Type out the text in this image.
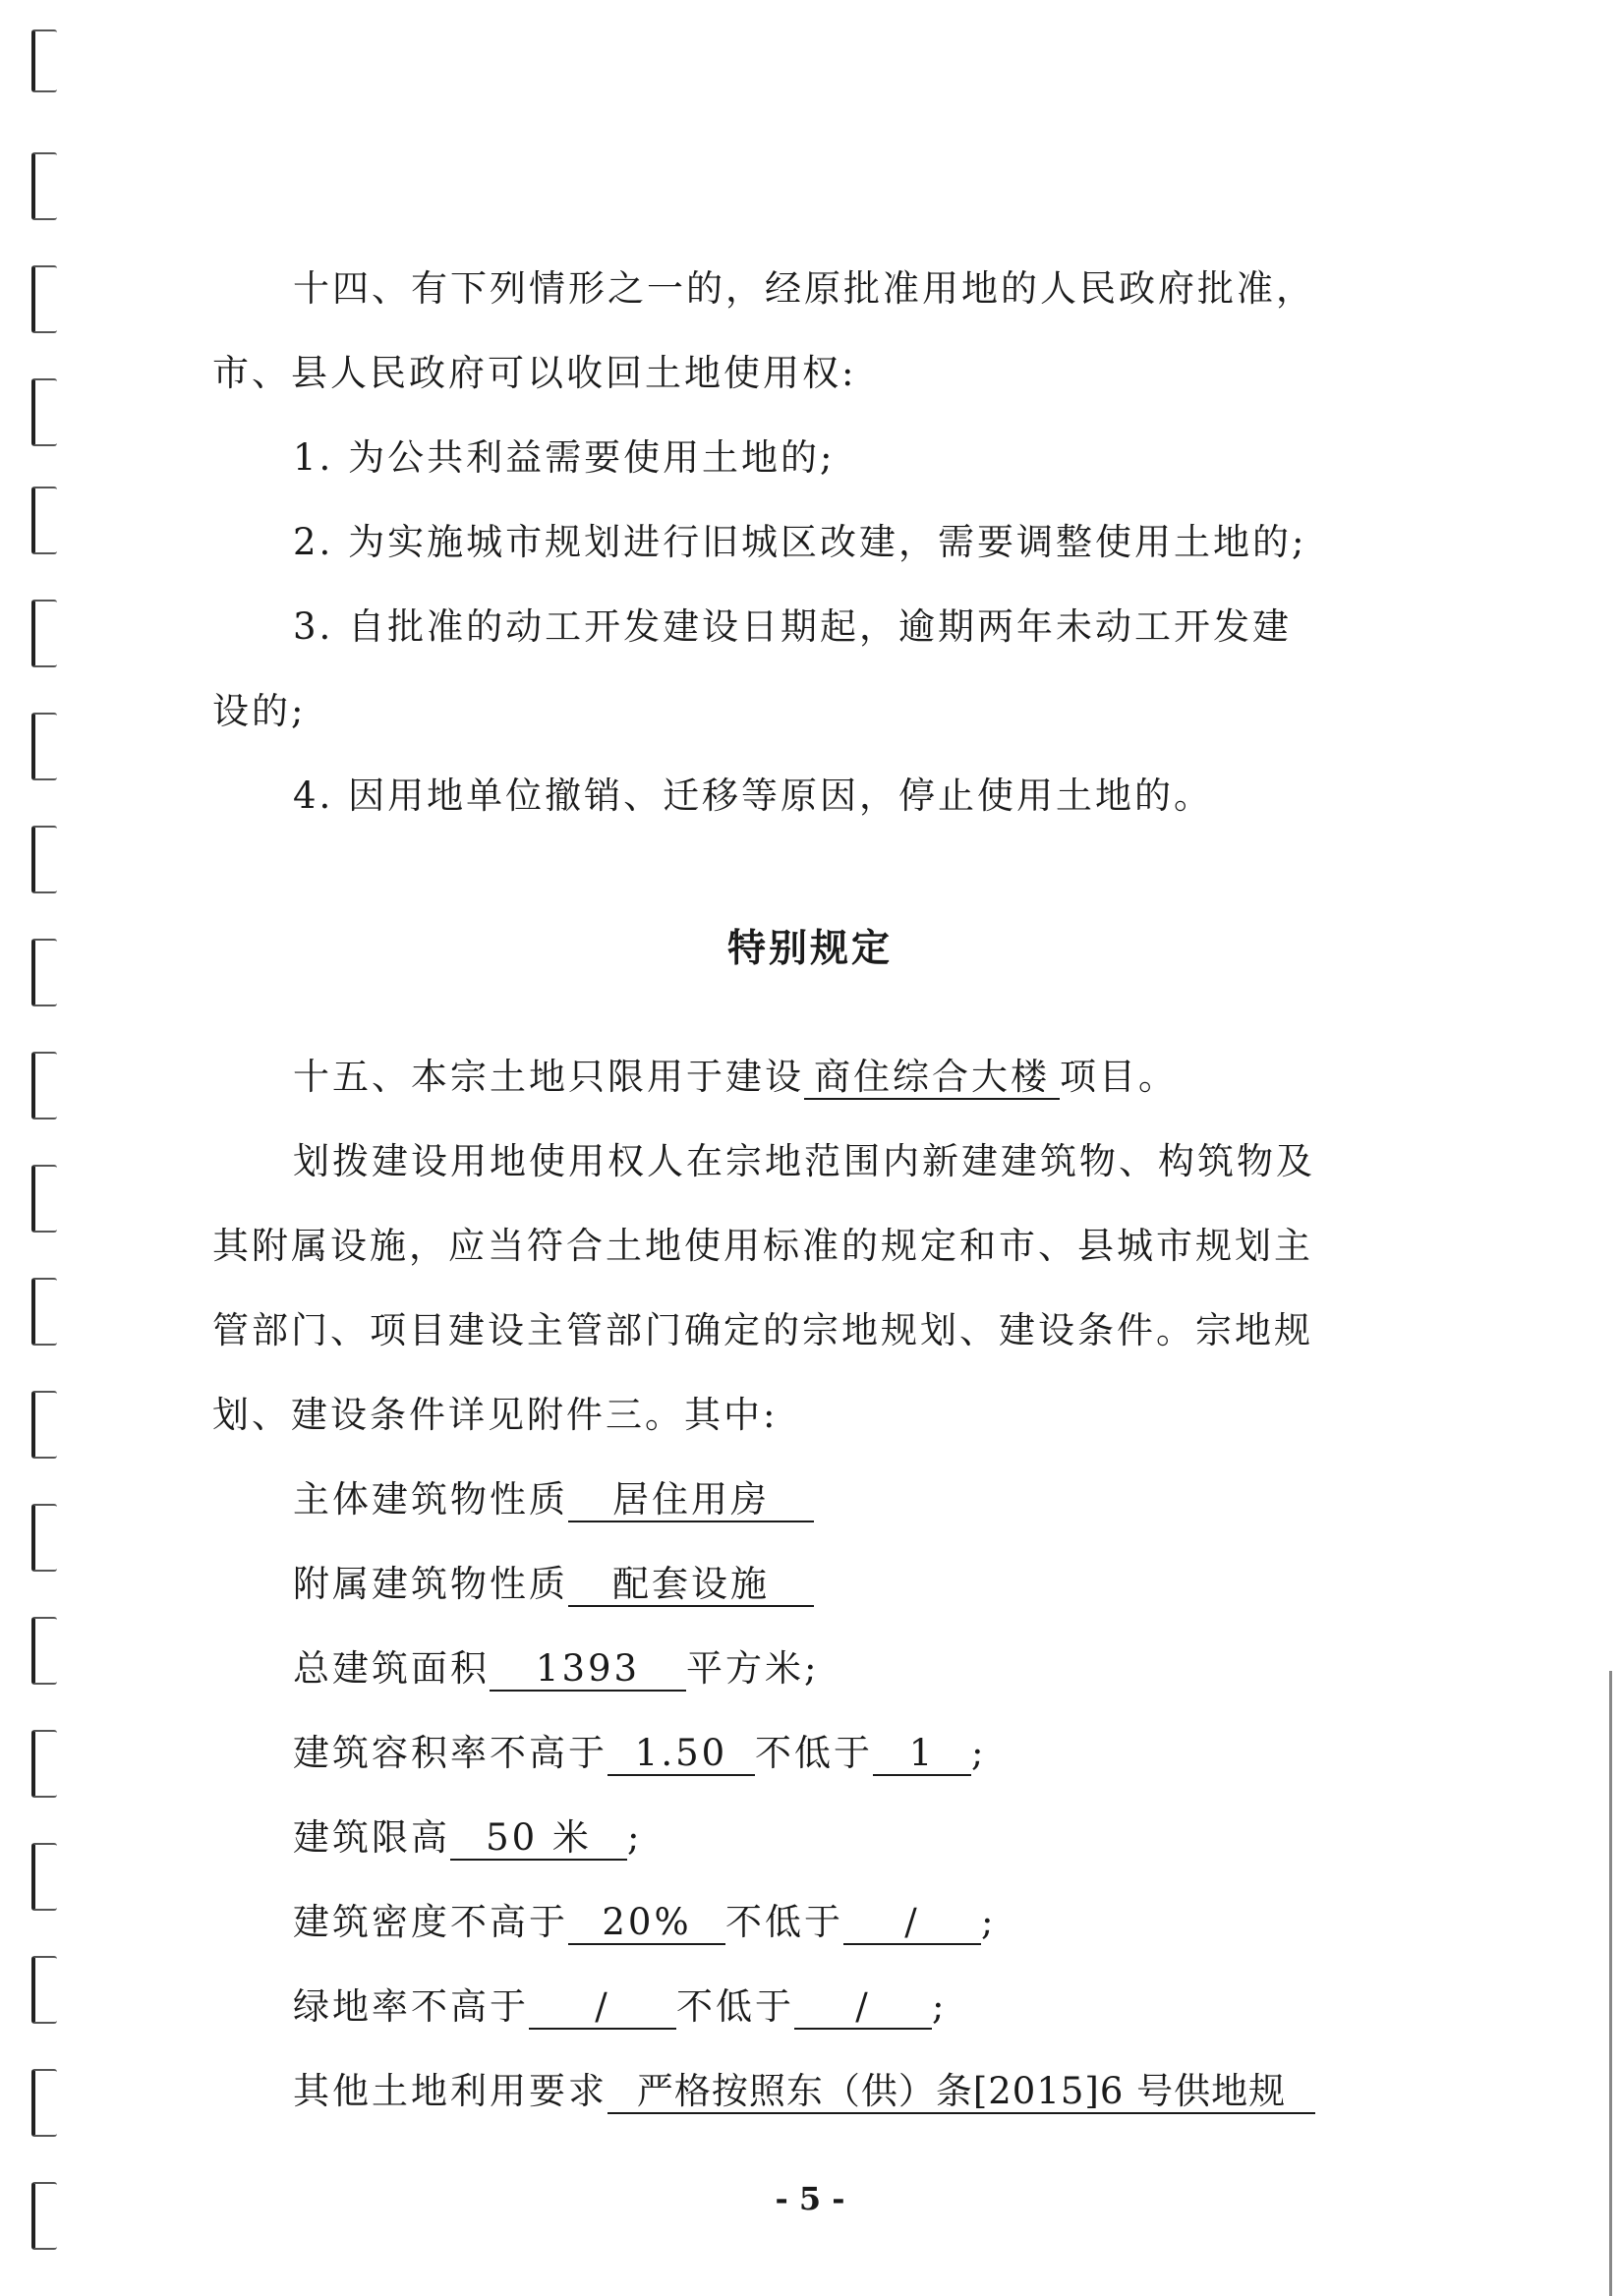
十四、有下列情形之一的，经原批准用地的人民政府批准，
市、县人民政府可以收回土地使用权:
1. 为公共利益需要使用土地的;
2. 为实施城市规划进行旧城区改建，需要调整使用土地的;
3. 自批准的动工开发建设日期起，逾期两年未动工开发建
设的;
4. 因用地单位撤销、迁移等原因，停止使用土地的。
特别规定
十五、本宗土地只限用于建设 商住综合大楼 项目。
划拨建设用地使用权人在宗地范围内新建建筑物、构筑物及
其附属设施，应当符合土地使用标准的规定和市、县城市规划主
管部门、项目建设主管部门确定的宗地规划、建设条件。宗地规
划、建设条件详见附件三。其中:
主体建筑物性质 居住用房
附属建筑物性质 配套设施
总建筑面积 1393 平方米;
建筑容积率不高于 1.50 不低于 1 ;
建筑限高 50 米 ;
建筑密度不高于 20% 不低于 / ;
绿地率不高于 / 不低于 / ;
其他土地利用要求 严格按照东（供）条[2015]6 号供地规
- 5 -
